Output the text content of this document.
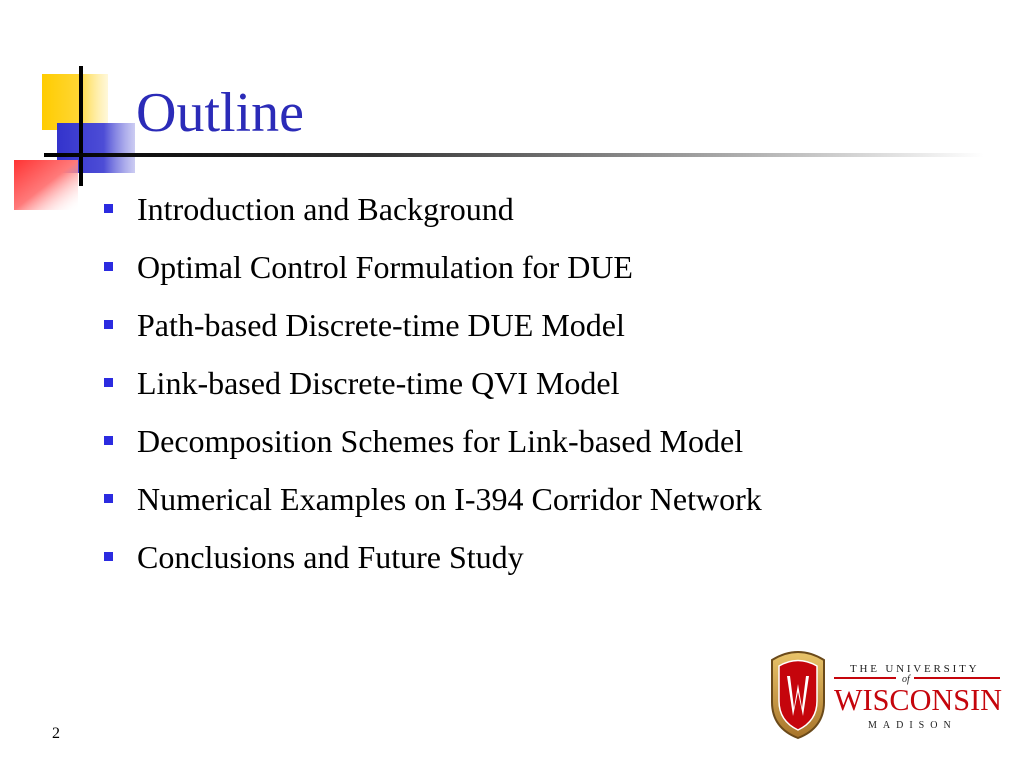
Outline
Introduction and Background
Optimal Control Formulation for DUE
Path-based Discrete-time DUE Model
Link-based Discrete-time QVI Model
Decomposition Schemes for Link-based Model
Numerical Examples on I-394 Corridor Network
Conclusions and Future Study
THE UNIVERSITY
of
WISCONSIN
MADISON
2
